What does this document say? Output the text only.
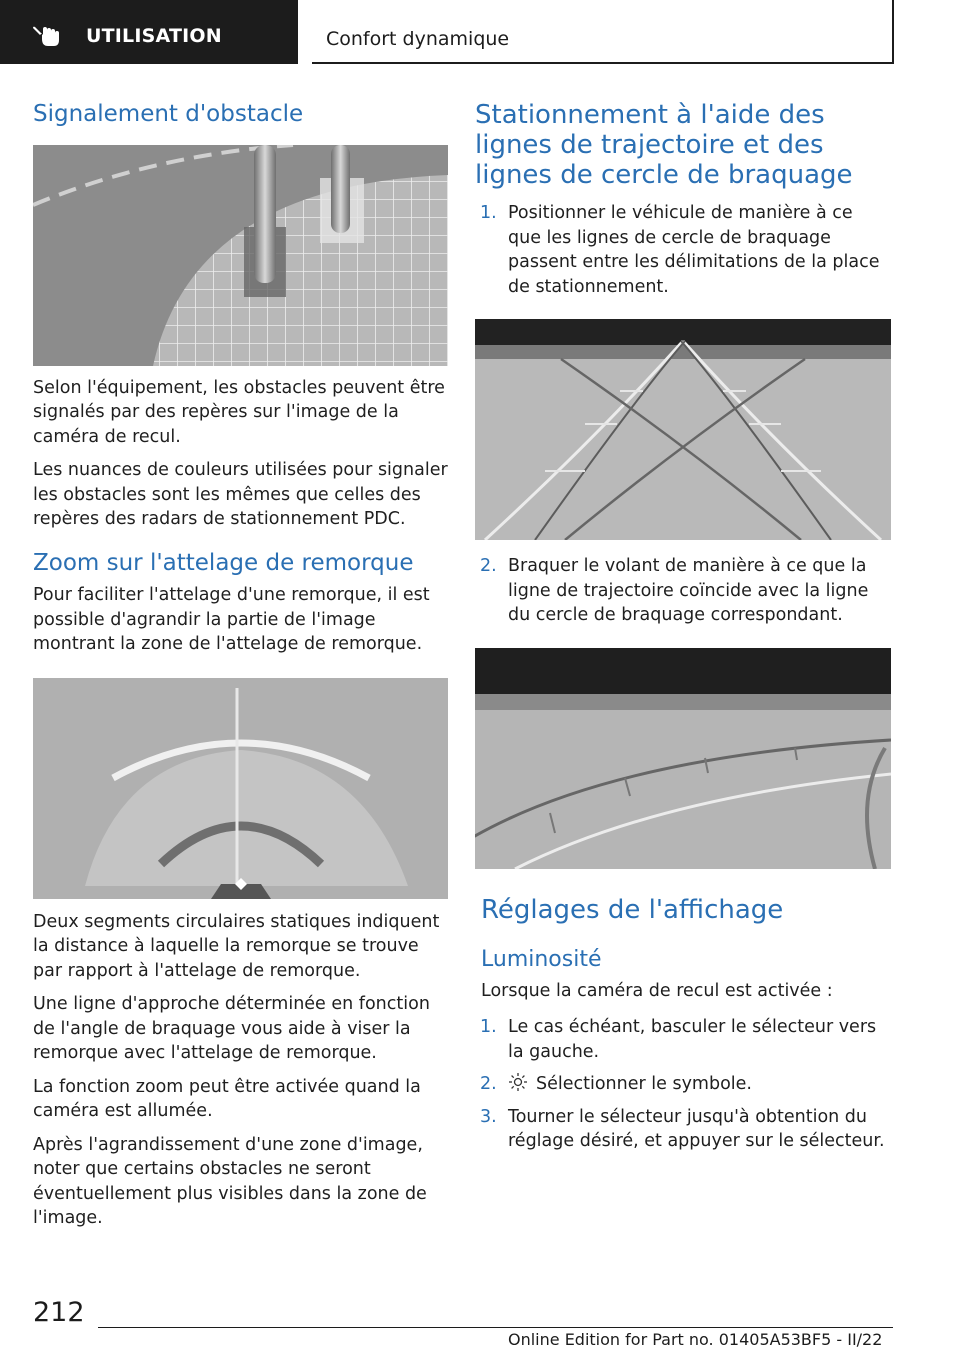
UTILISATION	Confort dynamique
Signalement d'obstacle

Selon l'équipement, les obstacles peuvent être signalés par des repères sur l'image de la caméra de recul.

Les nuances de couleurs utilisées pour signaler les obstacles sont les mêmes que celles des repères des radars de stationnement PDC.

Zoom sur l'attelage de remorque

Pour faciliter l'attelage d'une remorque, il est possible d'agrandir la partie de l'image montrant la zone de l'attelage de remorque.

Deux segments circulaires statiques indiquent la distance à laquelle la remorque se trouve par rapport à l'attelage de remorque.

Une ligne d'approche déterminée en fonction de l'angle de braquage vous aide à viser la remorque avec l'attelage de remorque.

La fonction zoom peut être activée quand la caméra est allumée.

Après l'agrandissement d'une zone d'image, noter que certains obstacles ne seront éventuellement plus visibles dans la zone de l'image.

Stationnement à l'aide des lignes de trajectoire et des lignes de cercle de braquage
1. Positionner le véhicule de manière à ce que les lignes de cercle de braquage passent entre les délimitations de la place de stationnement.
2. Braquer le volant de manière à ce que la ligne de trajectoire coïncide avec la ligne du cercle de braquage correspondant.
Réglages de l'affichage
Luminosité

Lorsque la caméra de recul est activée :

1. Le cas échéant, basculer le sélecteur vers la gauche.
2. Sélectionner le symbole.
3. Tourner le sélecteur jusqu'à obtention du réglage désiré, et appuyer sur le sélecteur.
212
Online Edition for Part no. 01405A53BF5 - II/22
